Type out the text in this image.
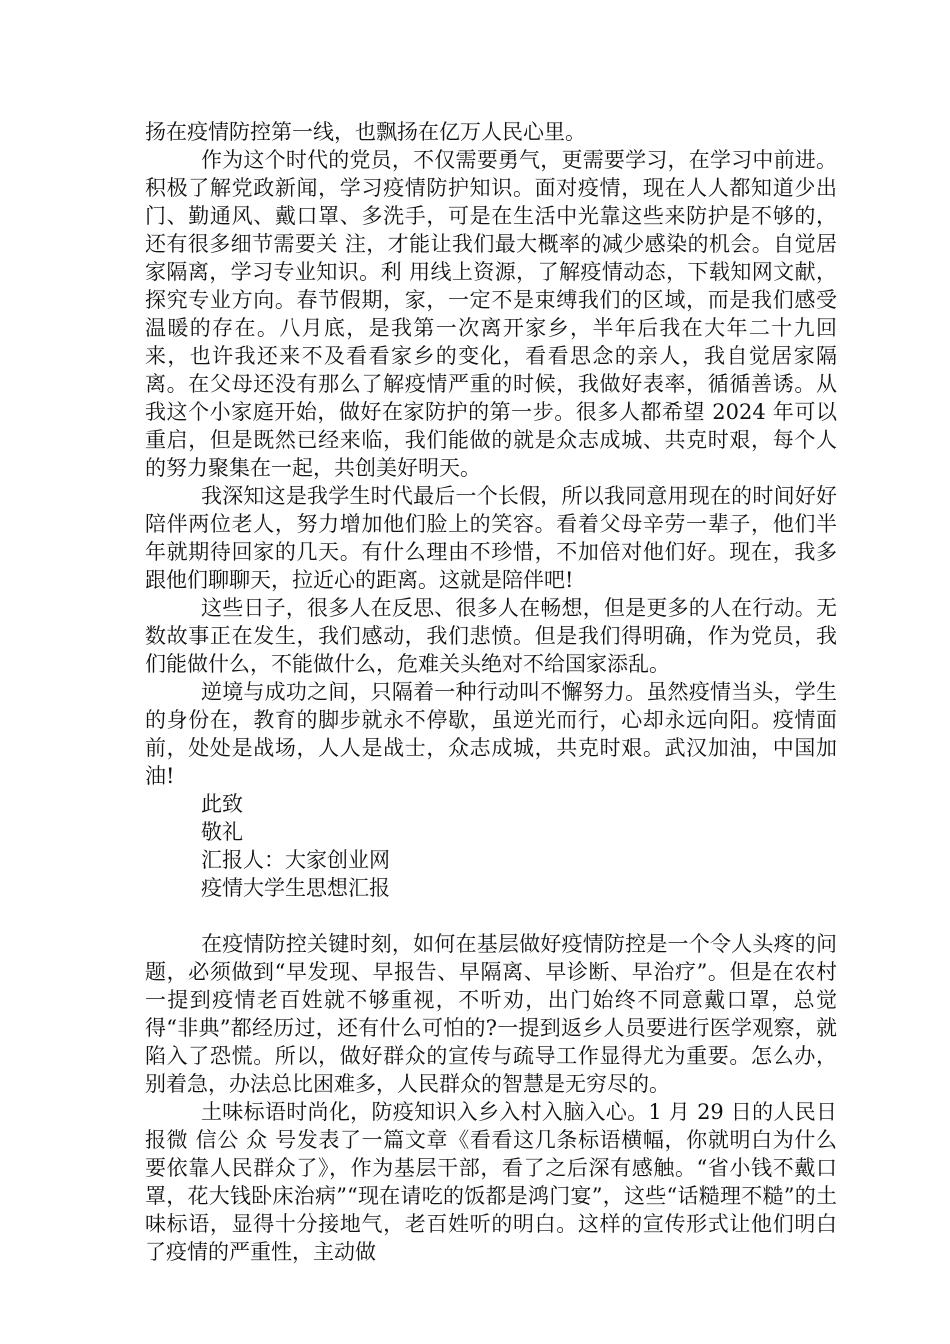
扬在疫情防控第一线，也飘扬在亿万人民心里。

作为这个时代的党员，不仅需要勇气，更需要学习，在学习中前进。积极了解党政新闻，学习疫情防护知识。面对疫情，现在人人都知道少出门、勤通风、戴口罩、多洗手，可是在生活中光靠这些来防护是不够的，还有很多细节需要关 注，才能让我们最大概率的减少感染的机会。自觉居家隔离，学习专业知识。利 用线上资源，了解疫情动态，下载知网文献，探究专业方向。春节假期，家，一定不是束缚我们的区域，而是我们感受温暖的存在。八月底，是我第一次离开家乡，半年后我在大年二十九回来，也许我还来不及看看家乡的变化，看看思念的亲人，我自觉居家隔离。在父母还没有那么了解疫情严重的时候，我做好表率，循循善诱。从我这个小家庭开始，做好在家防护的第一步。很多人都希望 2024 年可以重启，但是既然已经来临，我们能做的就是众志成城、共克时艰，每个人的努力聚集在一起，共创美好明天。

我深知这是我学生时代最后一个长假，所以我同意用现在的时间好好陪伴两位老人，努力增加他们脸上的笑容。看着父母辛劳一辈子，他们半年就期待回家的几天。有什么理由不珍惜，不加倍对他们好。现在，我多跟他们聊聊天，拉近心的距离。这就是陪伴吧!

这些日子，很多人在反思、很多人在畅想，但是更多的人在行动。无数故事正在发生，我们感动，我们悲愤。但是我们得明确，作为党员，我们能做什么，不能做什么，危难关头绝对不给国家添乱。

逆境与成功之间，只隔着一种行动叫不懈努力。虽然疫情当头，学生的身份在，教育的脚步就永不停歇，虽逆光而行，心却永远向阳。疫情面前，处处是战场，人人是战士，众志成城，共克时艰。武汉加油，中国加油!

此致

敬礼

汇报人：大家创业网

疫情大学生思想汇报

在疫情防控关键时刻，如何在基层做好疫情防控是一个令人头疼的问题，必须做到“早发现、早报告、早隔离、早诊断、早治疗”。但是在农村一提到疫情老百姓就不够重视，不听劝，出门始终不同意戴口罩，总觉得“非典”都经历过，还有什么可怕的?一提到返乡人员要进行医学观察，就陷入了恐慌。所以，做好群众的宣传与疏导工作显得尤为重要。怎么办，别着急，办法总比困难多，人民群众的智慧是无穷尽的。

土味标语时尚化，防疫知识入乡入村入脑入心。1 月 29 日的人民日报微 信公 众 号发表了一篇文章《看看这几条标语横幅，你就明白为什么要依靠人民群众了》，作为基层干部，看了之后深有感触。“省小钱不戴口罩，花大钱卧床治病”“现在请吃的饭都是鸿门宴”，这些“话糙理不糙”的土味标语，显得十分接地气，老百姓听的明白。这样的宣传形式让他们明白了疫情的严重性，主动做
